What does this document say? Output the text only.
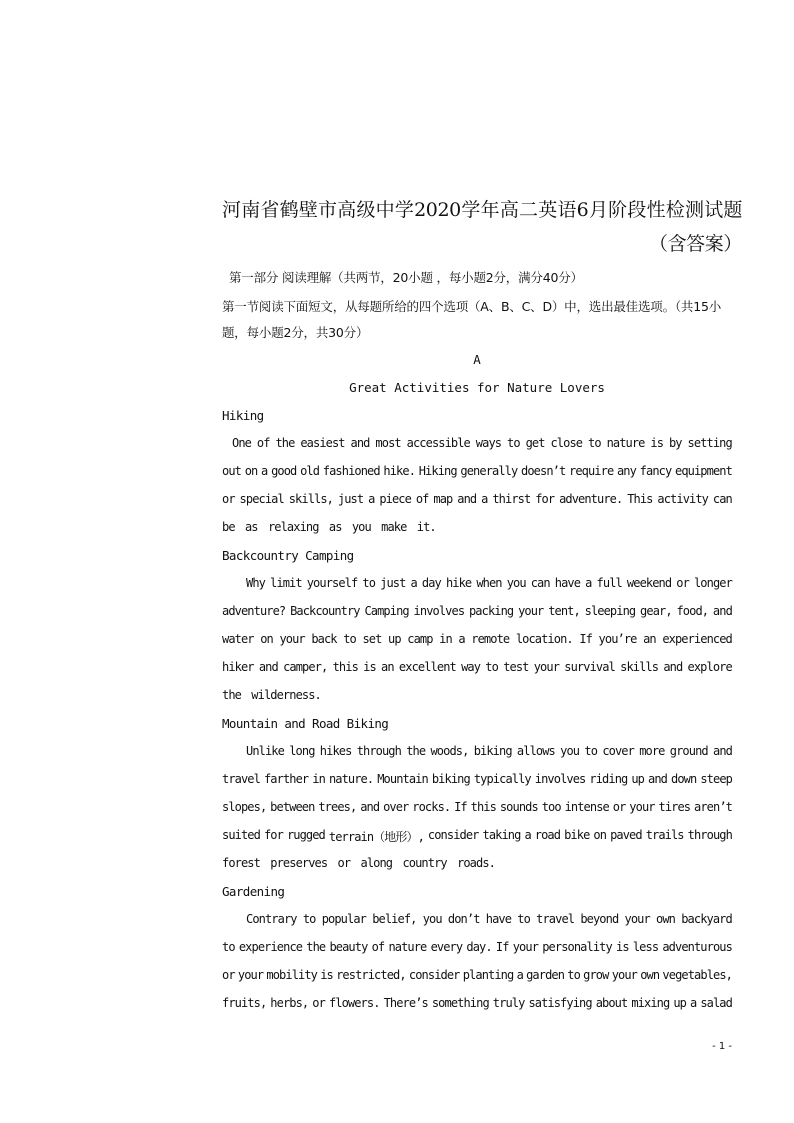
河南省鹤壁市高级中学2020学年高二英语6月阶段性检测试题（含答案）
第一部分 阅读理解（共两节，20小题 ，每小题2分，满分40分）
第一节阅读下面短文，从每题所给的四个选项（A、B、C、D）中，选出最佳选项。（共15小
题，每小题2分，共30分）
A
Great Activities for Nature Lovers
Hiking
One of the easiest and most accessible ways to get close to nature is by setting
out on a good old fashioned hike. Hiking generally doesn’t require any fancy equipment
or special skills, just a piece of map and a thirst for adventure. This activity can
be as relaxing as you make it.
Backcountry Camping
Why limit yourself to just a day hike when you can have a full weekend or longer
adventure? Backcountry Camping involves packing your tent, sleeping gear, food, and
water on your back to set up camp in a remote location. If you’re an experienced
hiker and camper, this is an excellent way to test your survival skills and explore
the wilderness.
Mountain and Road Biking
Unlike long hikes through the woods, biking allows you to cover more ground and
travel farther in nature. Mountain biking typically involves riding up and down steep
slopes, between trees, and over rocks. If this sounds too intense or your tires aren’t
suited for rugged terrain（地形）, consider taking a road bike on paved trails through
forest preserves or along country roads.
Gardening
Contrary to popular belief, you don’t have to travel beyond your own backyard
to experience the beauty of nature every day. If your personality is less adventurous
or your mobility is restricted, consider planting a garden to grow your own vegetables,
fruits, herbs, or flowers. There’s something truly satisfying about mixing up a salad
- 1 -
